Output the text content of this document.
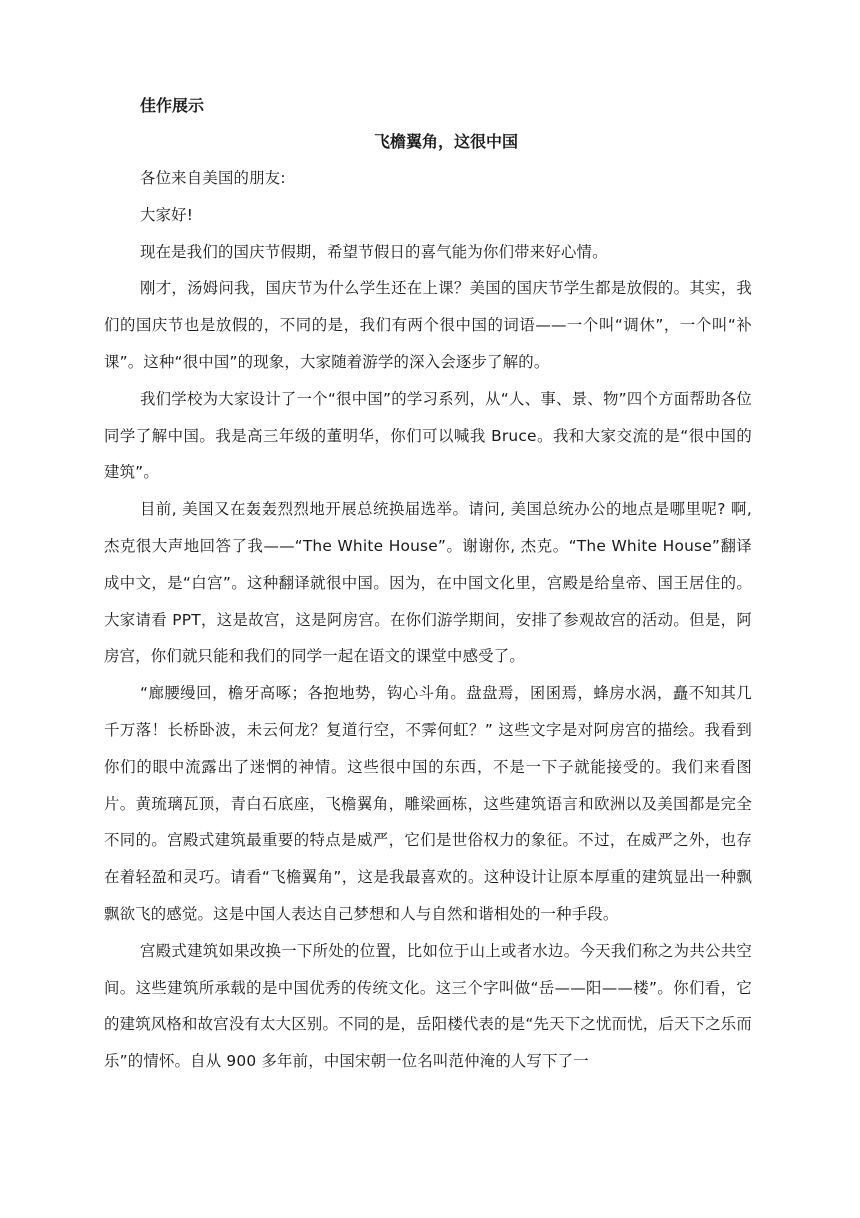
佳作展示
飞檐翼角，这很中国

各位来自美国的朋友:

大家好!

现在是我们的国庆节假期，希望节假日的喜气能为你们带来好心情。

刚才，汤姆问我，国庆节为什么学生还在上课？美国的国庆节学生都是放假的。其实，我们的国庆节也是放假的，不同的是，我们有两个很中国的词语——一个叫“调休”，一个叫“补课”。这种“很中国”的现象，大家随着游学的深入会逐步了解的。

我们学校为大家设计了一个“很中国”的学习系列，从“人、事、景、物”四个方面帮助各位同学了解中国。我是高三年级的董明华，你们可以喊我 Bruce。我和大家交流的是“很中国的建筑”。

目前, 美国又在轰轰烈烈地开展总统换届选举。请问, 美国总统办公的地点是哪里呢? 啊, 杰克很大声地回答了我——“The White House”。谢谢你, 杰克。“The White House”翻译成中文，是“白宫”。这种翻译就很中国。因为，在中国文化里，宫殿是给皇帝、国王居住的。大家请看 PPT，这是故宫，这是阿房宫。在你们游学期间，安排了参观故宫的活动。但是，阿房宫，你们就只能和我们的同学一起在语文的课堂中感受了。

“廊腰缦回，檐牙高啄；各抱地势，钩心斗角。盘盘焉，囷囷焉，蜂房水涡，矗不知其几千万落！长桥卧波，未云何龙？复道行空，不霁何虹？” 这些文字是对阿房宫的描绘。我看到你们的眼中流露出了迷惘的神情。这些很中国的东西，不是一下子就能接受的。我们来看图片。黄琉璃瓦顶，青白石底座，飞檐翼角，雕梁画栋，这些建筑语言和欧洲以及美国都是完全不同的。宫殿式建筑最重要的特点是威严，它们是世俗权力的象征。不过，在威严之外，也存在着轻盈和灵巧。请看“飞檐翼角”，这是我最喜欢的。这种设计让原本厚重的建筑显出一种飘飘欲飞的感觉。这是中国人表达自己梦想和人与自然和谐相处的一种手段。

宫殿式建筑如果改换一下所处的位置，比如位于山上或者水边。今天我们称之为共公共空间。这些建筑所承载的是中国优秀的传统文化。这三个字叫做“岳——阳——楼”。你们看，它的建筑风格和故宫没有太大区别。不同的是，岳阳楼代表的是“先天下之忧而忧，后天下之乐而乐”的情怀。自从 900 多年前，中国宋朝一位名叫范仲淹的人写下了一
